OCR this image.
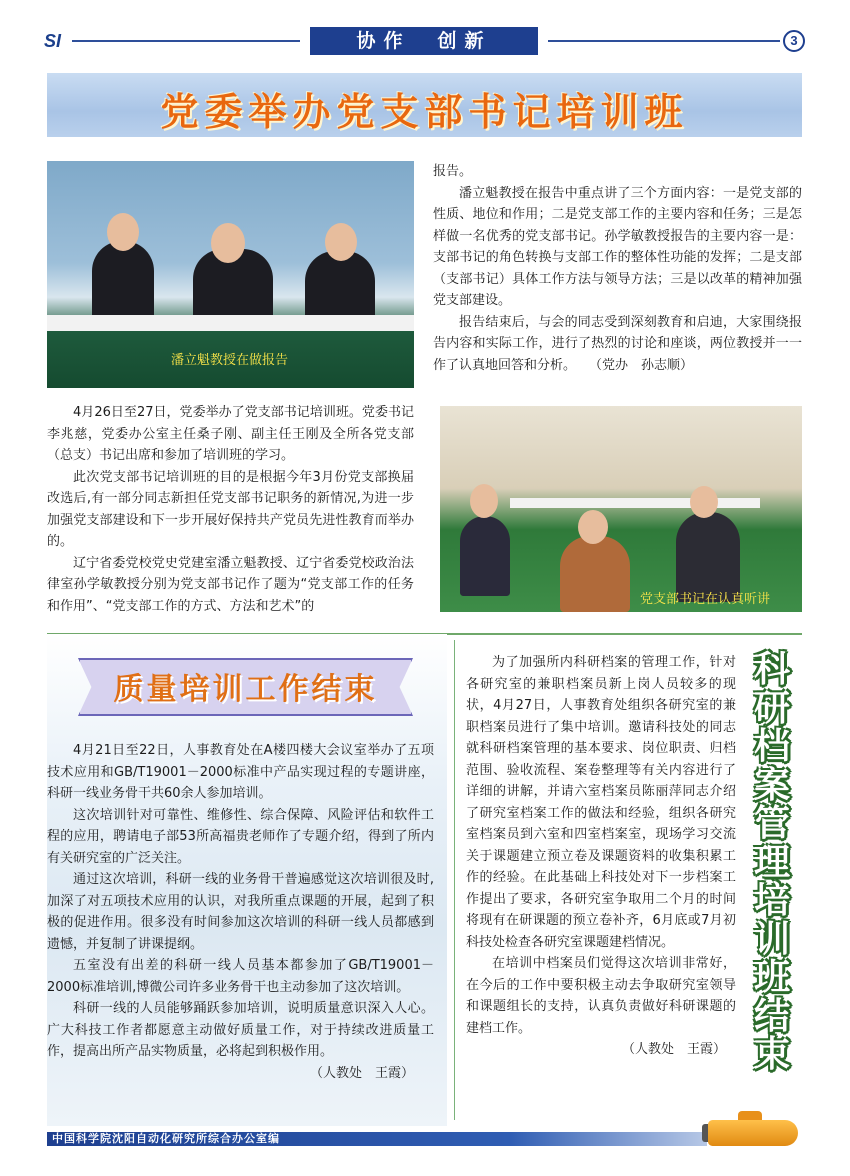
SI	协作　创新	3
党委举办党支部书记培训班
潘立魁教授在做报告

4月26日至27日，党委举办了党支部书记培训班。党委书记李兆慈，党委办公室主任桑子刚、副主任王刚及全所各党支部（总支）书记出席和参加了培训班的学习。

此次党支部书记培训班的目的是根据今年3月份党支部换届改选后,有一部分同志新担任党支部书记职务的新情况,为进一步加强党支部建设和下一步开展好保持共产党员先进性教育而举办的。

辽宁省委党校党史党建室潘立魁教授、辽宁省委党校政治法律室孙学敏教授分别为党支部书记作了题为“党支部工作的任务和作用”、“党支部工作的方式、方法和艺术”的

报告。

潘立魁教授在报告中重点讲了三个方面内容：一是党支部的性质、地位和作用；二是党支部工作的主要内容和任务；三是怎样做一名优秀的党支部书记。孙学敏教授报告的主要内容一是：支部书记的角色转换与支部工作的整体性功能的发挥；二是支部（支部书记）具体工作方法与领导方法；三是以改革的精神加强党支部建设。

报告结束后，与会的同志受到深刻教育和启迪，大家围绕报告内容和实际工作，进行了热烈的讨论和座谈，两位教授并一一作了认真地回答和分析。　　（党办　孙志顺）

党支部书记在认真听讲
质量培训工作结束

4月21日至22日，人事教育处在A楼四楼大会议室举办了五项技术应用和GB/T19001－2000标准中产品实现过程的专题讲座，科研一线业务骨干共60余人参加培训。

这次培训针对可靠性、维修性、综合保障、风险评估和软件工程的应用，聘请电子部53所高福贵老师作了专题介绍，得到了所内有关研究室的广泛关注。

通过这次培训，科研一线的业务骨干普遍感觉这次培训很及时,加深了对五项技术应用的认识，对我所重点课题的开展，起到了积极的促进作用。很多没有时间参加这次培训的科研一线人员都感到遗憾，并复制了讲课提纲。

五室没有出差的科研一线人员基本都参加了GB/T19001－2000标准培训,博微公司许多业务骨干也主动参加了这次培训。

科研一线的人员能够踊跃参加培训，说明质量意识深入人心。广大科技工作者都愿意主动做好质量工作，对于持续改进质量工作，提高出所产品实物质量，必将起到积极作用。

（人教处　王霞）

为了加强所内科研档案的管理工作，针对各研究室的兼职档案员新上岗人员较多的现状，4月27日，人事教育处组织各研究室的兼职档案员进行了集中培训。邀请科技处的同志就科研档案管理的基本要求、岗位职责、归档范围、验收流程、案卷整理等有关内容进行了详细的讲解，并请六室档案员陈丽萍同志介绍了研究室档案工作的做法和经验，组织各研究室档案员到六室和四室档案室，现场学习交流关于课题建立预立卷及课题资料的收集积累工作的经验。在此基础上科技处对下一步档案工作提出了要求，各研究室争取用二个月的时间将现有在研课题的预立卷补齐，6月底或7月初科技处检查各研究室课题建档情况。

在培训中档案员们觉得这次培训非常好，在今后的工作中要积极主动去争取研究室领导和课题组长的支持，认真负责做好科研课题的建档工作。

（人教处　王霞）

科研档案管理培训班结束
中国科学院沈阳自动化研究所综合办公室编
